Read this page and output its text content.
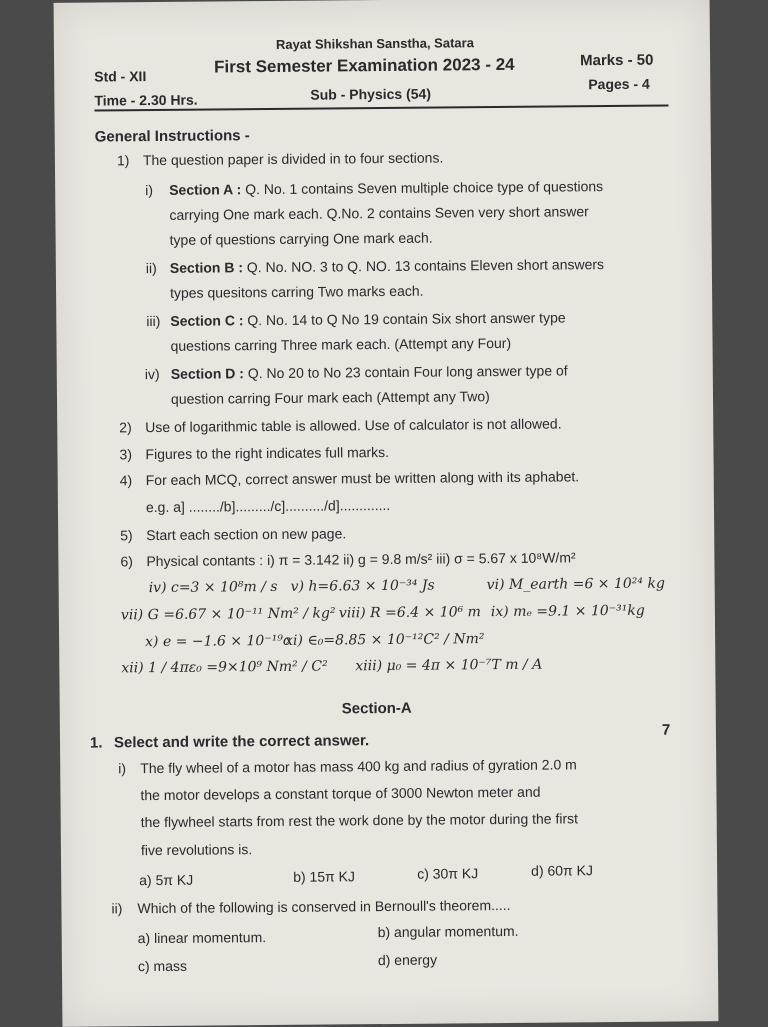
Rayat Shikshan Sanstha, Satara
Std - XII	First Semester Examination 2023 - 24	Marks - 50
Time - 2.30 Hrs.	Sub - Physics (54)
Pages - 4
General Instructions -
1) The question paper is divided in to four sections.
i) Section A : Q. No. 1 contains Seven multiple choice type of questions
carrying One mark each. Q.No. 2 contains Seven very short answer
type of questions carrying One mark each.
ii) Section B : Q. No. NO. 3 to Q. NO. 13 contains Eleven short answers
types quesitons carring Two marks each.
iii) Section C : Q. No. 14 to Q No 19 contain Six short answer type
questions carring Three mark each. (Attempt any Four)
iv) Section D : Q. No 20 to No 23 contain Four long answer type of
question carring Four mark each (Attempt any Two)
2) Use of logarithmic table is allowed. Use of calculator is not allowed.
3) Figures to the right indicates full marks.
4) For each MCQ, correct answer must be written along with its aphabet.
e.g. a] ......../b]........./c]........../d].............
5) Start each section on new page.
6) Physical contants : i) π = 3.142 ii) g = 9.8 m/s² iii) σ = 5.67 x 10⁸W/m²
iv) c=3 × 10⁸m / s v) h=6.63 × 10⁻³⁴ Js	vi) M_earth =6 × 10²⁴ kg
vii) G =6.67 × 10⁻¹¹ Nm² / kg² viii) R =6.4 × 10⁶ m ix) mₑ =9.1 × 10⁻³¹kg
x) e = −1.6 × 10⁻¹⁹c
xi) ∈₀=8.85 × 10⁻¹²C² / Nm²
xii) 1 / 4πε₀ =9×10⁹ Nm² / C² xiii) μ₀ = 4π × 10⁻⁷T m / A
Section-A
1. Select and write the correct answer.
7
i) The fly wheel of a motor has mass 400 kg and radius of gyration 2.0 m
the motor develops a constant torque of 3000 Newton meter and
the flywheel starts from rest the work done by the motor during the first
five revolutions is.
a) 5π KJ	b) 15π KJ	c) 30π KJ	d) 60π KJ
ii) Which of the following is conserved in Bernoull's theorem.....
a) linear momentum.	b) angular momentum.
c) mass	d) energy
